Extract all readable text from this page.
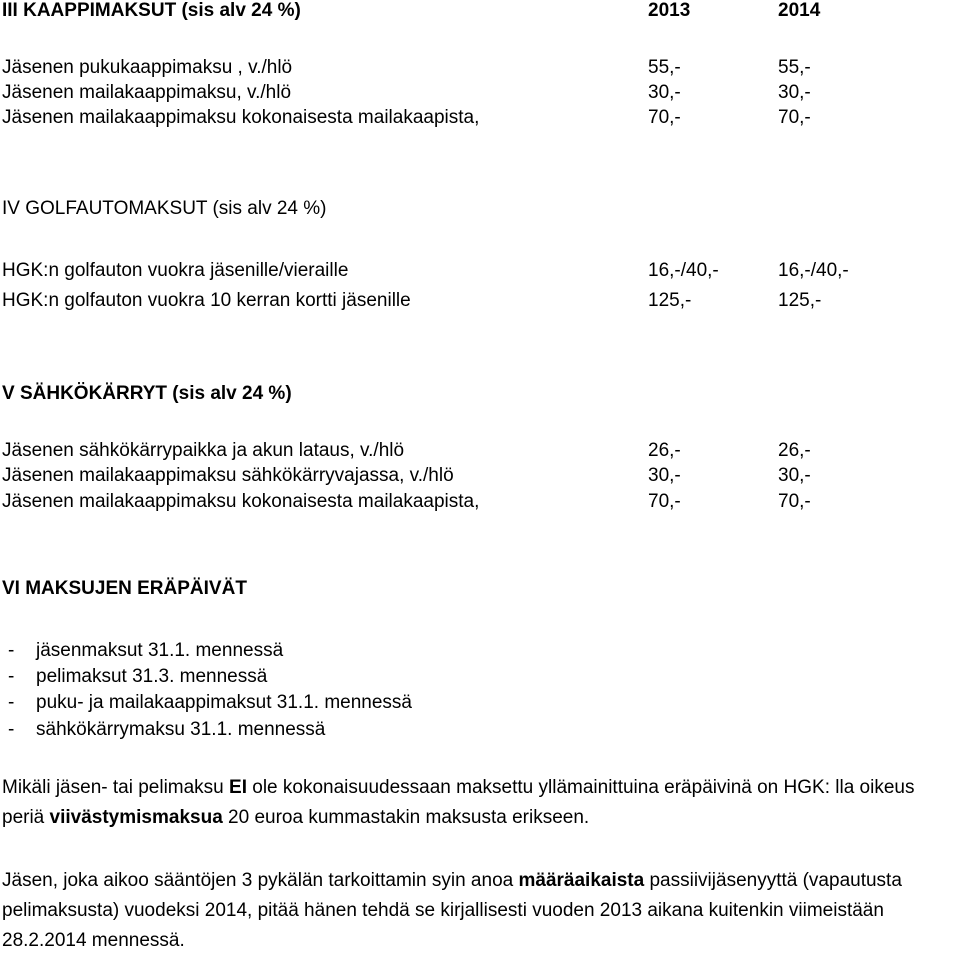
III KAAPPIMAKSUT (sis alv 24 %)	2013	2014
Jäsenen pukukaappimaksu , v./hlö	55,-	55,-
Jäsenen mailakaappimaksu, v./hlö	30,-	30,-
Jäsenen mailakaappimaksu kokonaisesta mailakaapista,	70,-	70,-
IV GOLFAUTOMAKSUT (sis alv 24 %)
HGK:n golfauton vuokra jäsenille/vieraille	16,-/40,-	16,-/40,-
HGK:n golfauton vuokra 10 kerran kortti jäsenille	125,-	125,-
V SÄHKÖKÄRRYT (sis alv 24 %)
Jäsenen sähkökärrypaikka ja akun lataus, v./hlö	26,-	26,-
Jäsenen mailakaappimaksu sähkökärryvajassa, v./hlö	30,-	30,-
Jäsenen mailakaappimaksu kokonaisesta mailakaapista,	70,-	70,-
VI MAKSUJEN ERÄPÄIVÄT
- jäsenmaksut 31.1. mennessä
- pelimaksut 31.3. mennessä
- puku- ja mailakaappimaksut 31.1. mennessä
- sähkökärrymaksu 31.1. mennessä
Mikäli jäsen- tai pelimaksu EI ole kokonaisuudessaan maksettu yllämainittuina eräpäivinä on HGK: lla oikeus periä viivästymismaksua 20 euroa kummastakin maksusta erikseen.
Jäsen, joka aikoo sääntöjen 3 pykälän tarkoittamin syin anoa määräaikaista passiivijäsenyyttä (vapautusta pelimaksusta) vuodeksi 2014, pitää hänen tehdä se kirjallisesti vuoden 2013 aikana kuitenkin viimeistään 28.2.2014 mennessä.
